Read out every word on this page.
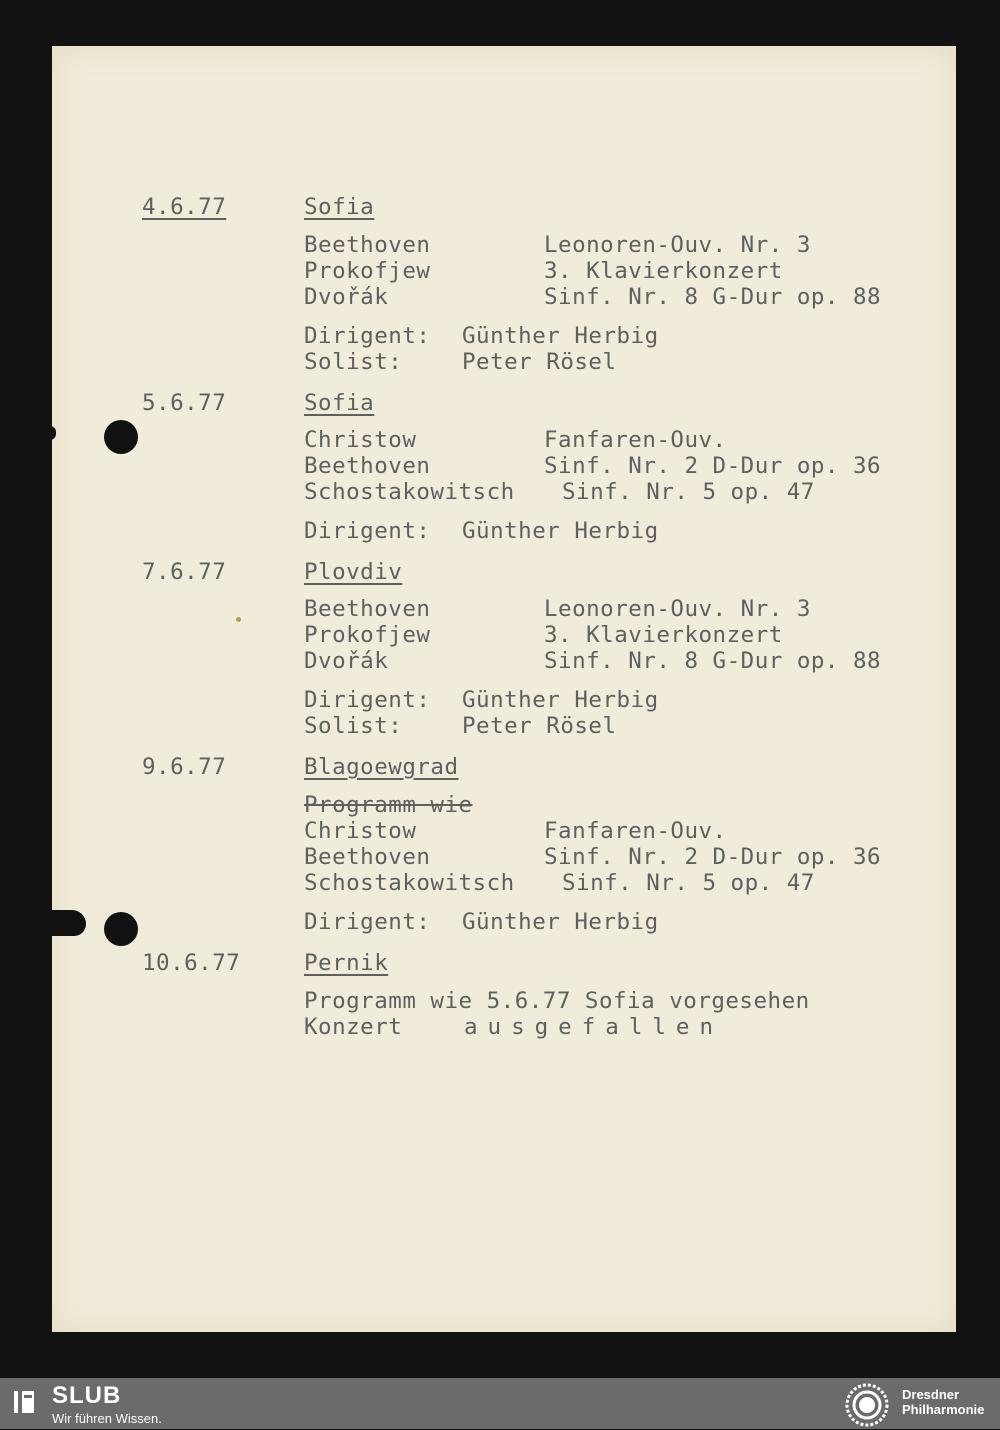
4.6.77	Sofia
Beethoven	Leonoren-Ouv. Nr. 3
Prokofjew	3. Klavierkonzert
Dvořák	Sinf. Nr. 8 G-Dur op. 88
Dirigent: Günther Herbig
Solist:	Peter Rösel
5.6.77	Sofia
Christow	Fanfaren-Ouv.
Beethoven	Sinf. Nr. 2 D-Dur op. 36
Schostakowitsch Sinf. Nr. 5 op. 47
Dirigent: Günther Herbig
7.6.77	Plovdiv
Beethoven	Leonoren-Ouv. Nr. 3
Prokofjew	3. Klavierkonzert
Dvořák	Sinf. Nr. 8 G-Dur op. 88
Dirigent: Günther Herbig
Solist:	Peter Rösel
9.6.77	Blagoewgrad
Programm wie
Christow	Fanfaren-Ouv.
Beethoven	Sinf. Nr. 2 D-Dur op. 36
Schostakowitsch Sinf. Nr. 5 op. 47
Dirigent: Günther Herbig
10.6.77	Pernik
Programm wie 5.6.77 Sofia vorgesehen
Konzert	ausgefallen
SLUB
Wir führen Wissen.
Dresdner
Philharmonie
